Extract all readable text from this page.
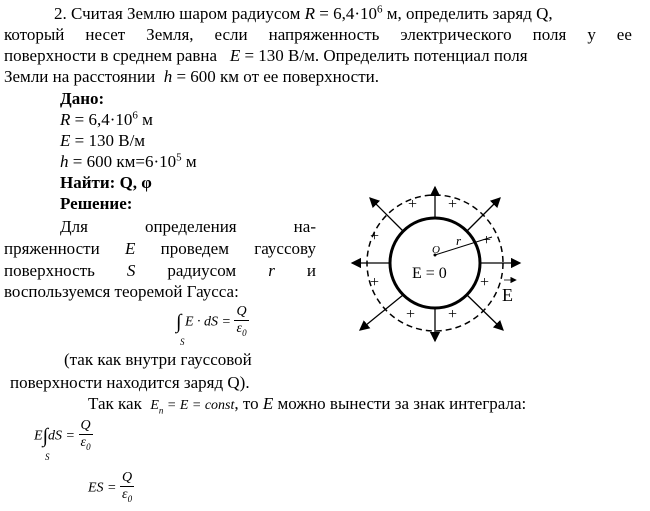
2. Считая Землю шаром радиусом $R = 6,4\cdot 10^6$ м, определить заряд Q,
который несет Земля, если напряженность электрического поля у ее
поверхности в среднем равна E = 130 В/м. Определить потенциал поля
Земли на расстоянии h = 600 км от ее поверхности.
Дано:
$R = 6,4\cdot 10^6$ м
E = 130 В/м
h = 600 $км=6\cdot 10^5$ м
Найти: Q, φ
Решение:
Для	определения	на-
пряженности E проведем гауссову
поверхность S радиусом r и
воспользуемся теоремой Гаусса:
∫ E · dS = $\frac{Q}{\varepsilon_0}$
S
(так как внутри гауссовой
поверхности находится заряд Q).
Так как $E_n = E$ = const, то E можно вынести за знак интеграла:
$E\int dS = \frac{Q}{\varepsilon_0}$
S
ES = $\frac{Q}{\varepsilon_0}$
O
r
E = 0
+ +
+	+
+	+
+ +
E
